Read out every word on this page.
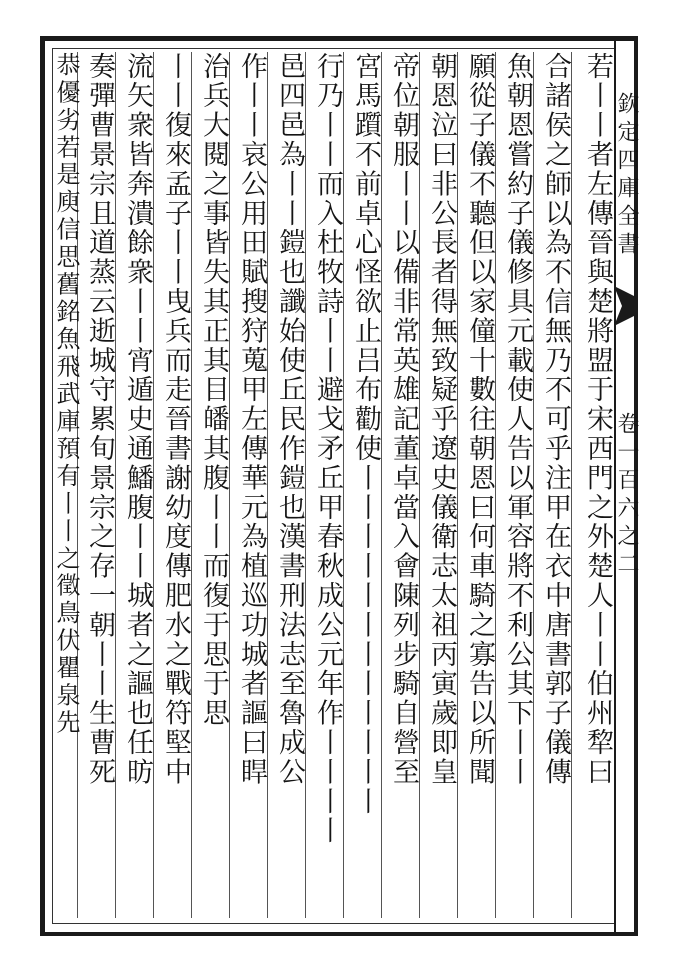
欽定四庫全書
卷一百六之二
若丨丨者左傳晉與楚將盟于宋西門之外楚人丨丨伯州犂曰
合諸侯之師以為不信無乃不可乎注甲在衣中唐書郭子儀傳
魚朝恩嘗約子儀修具元載使人告以軍容將不利公其下丨丨
願從子儀不聽但以家僮十數往朝恩曰何車騎之寡告以所聞
朝恩泣曰非公長者得無致疑乎遼史儀衛志太祖丙寅歲即皇
帝位朝服丨丨以備非常英雄記董卓當入會陳列步騎自營至
宮馬躓不前卓心怪欲止吕布勸使丨丨丨丨丨丨丨丨丨丨丨丨
行乃丨丨而入杜牧詩丨丨避戈矛丘甲春秋成公元年作丨丨丨丨
邑四邑為丨丨鎧也讖始使丘民作鎧也漢書刑法志至魯成公
作丨丨哀公用田賦搜狩蒐甲左傳華元為植巡功城者謳曰睅
治兵大閱之事皆失其正其目皤其腹丨丨而復于思于思
丨丨復來孟子丨丨曳兵而走晉書謝幼度傳肥水之戰符堅中
流矢衆皆奔潰餘衆丨丨宵遁史通鱕腹丨丨城者之謳也任昉
奏彈曹景宗且道蒸云逝城守累旬景宗之存一朝丨丨生曹死
恭優劣若是庾信思舊銘魚飛武庫預有丨丨之徵鳥伏瞿泉先
